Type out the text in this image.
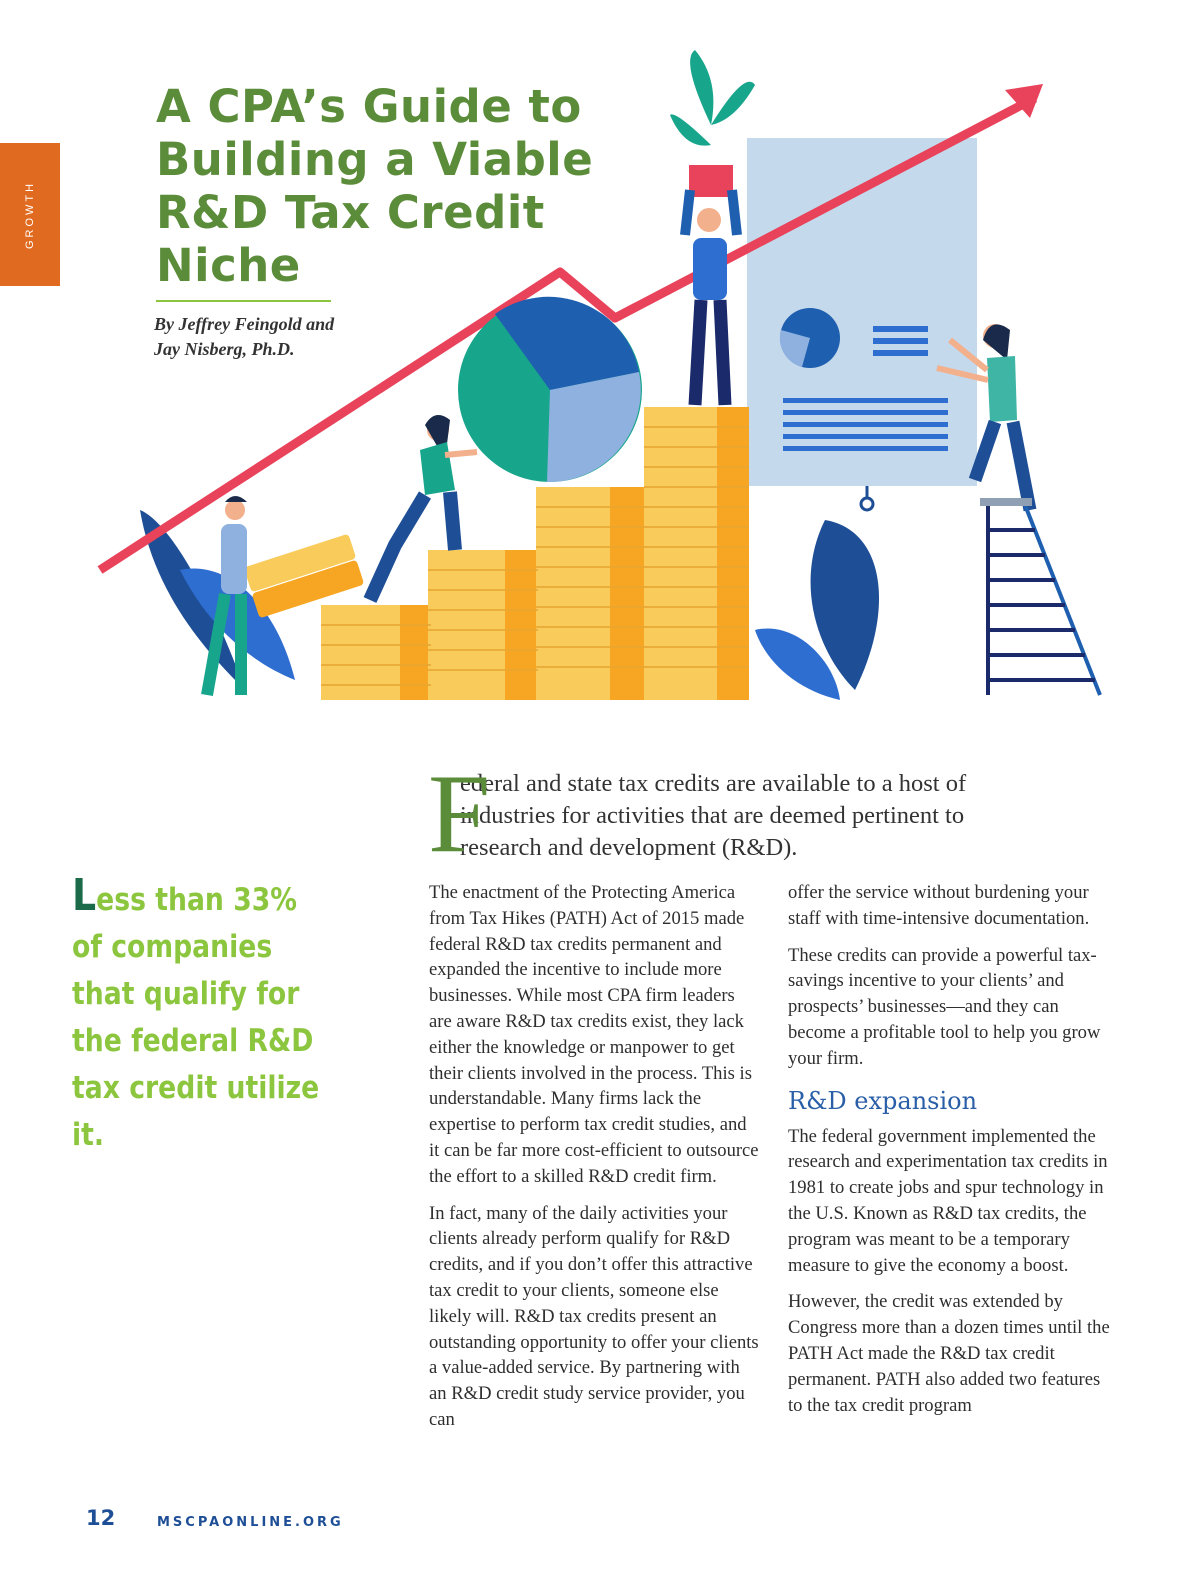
GROWTH
A CPA’s Guide to Building a Viable R&D Tax Credit Niche
By Jeffrey Feingold and
Jay Nisberg, Ph.D.
Less than 33% of companies that qualify for the federal R&D tax credit utilize it.
F

ederal and state tax credits are available to a host of industries for activities that are deemed pertinent to research and development (R&D).

The enactment of the Protecting America from Tax Hikes (PATH) Act of 2015 made federal R&D tax credits permanent and expanded the incentive to include more businesses. While most CPA firm leaders are aware R&D tax credits exist, they lack either the knowledge or manpower to get their clients involved in the process. This is understandable. Many firms lack the expertise to perform tax credit studies, and it can be far more cost-efficient to outsource the effort to a skilled R&D credit firm.

In fact, many of the daily activities your clients already perform qualify for R&D credits, and if you don’t offer this attractive tax credit to your clients, someone else likely will. R&D tax credits present an outstanding opportunity to offer your clients a value-added service. By partnering with an R&D credit study service provider, you can

offer the service without burdening your staff with time-intensive documentation.

These credits can provide a powerful tax-savings incentive to your clients’ and prospects’ businesses—and they can become a profitable tool to help you grow your firm.

R&D expansion

The federal government implemented the research and experimentation tax credits in 1981 to create jobs and spur technology in the U.S. Known as R&D tax credits, the program was meant to be a temporary measure to give the economy a boost.

However, the credit was extended by Congress more than a dozen times until the PATH Act made the R&D tax credit permanent. PATH also added two features to the tax credit program

12	MSCPAONLINE.ORG
